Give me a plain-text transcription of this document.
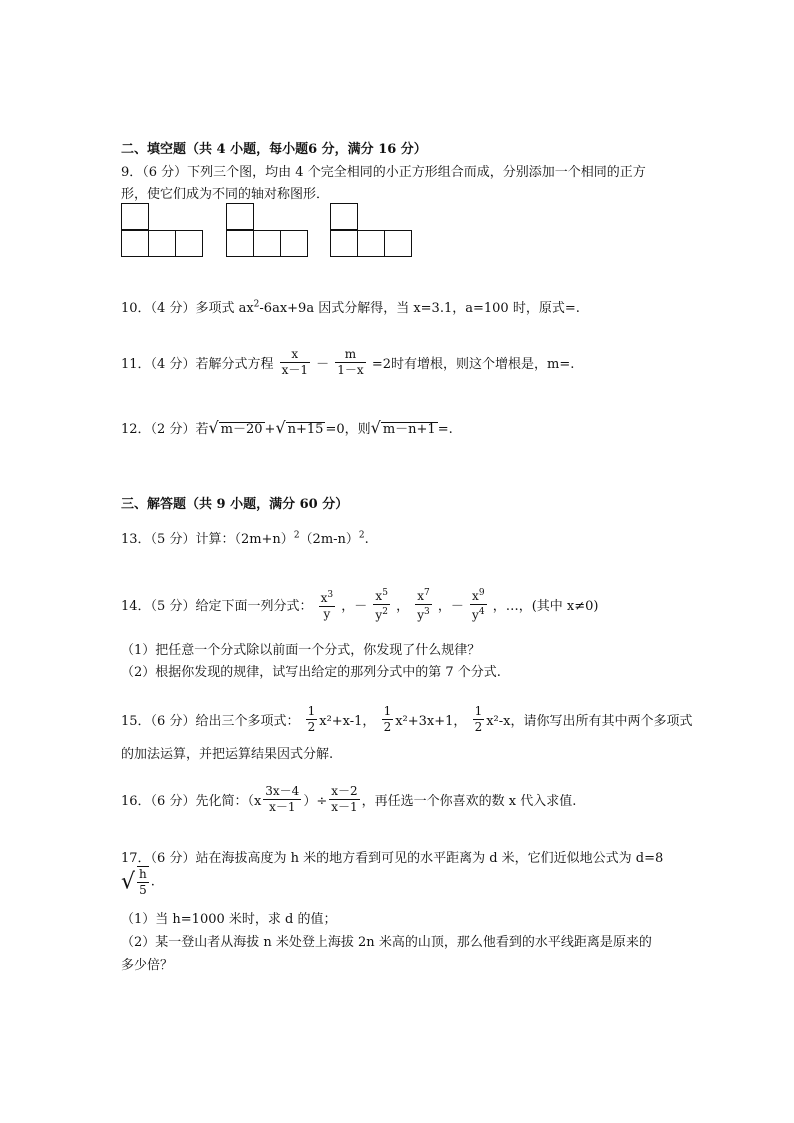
二、填空题（共 4 小题，每小题6 分，满分 16 分）
9．（6 分）下列三个图，均由 4 个完全相同的小正方形组合而成，分别添加一个相同的正方
形，使它们成为不同的轴对称图形．
10．（4 分）多项式 $ax^2-6ax+9a$ 因式分解得，当 x=3.1，a=100 时，原式=.
11．（4 分）若解分式方程 $\frac{x}{x-1} - \frac{m}{1-x} =2$时有增根，则这个增根是，m=.
12．（2 分）若√ m－20 +√ n+15 =0，则√ m－n+1 =.
三、解答题（共 9 小题，满分 60 分）
13．（5 分）计算：$(2m+n)^2(2m-n)^2$.
14．（5 分）给定下面一列分式： $\frac{x^3}{y}$ ，－ $\frac{x^5}{y^2}$ ， $\frac{x^7}{y^3}$ ，－ $\frac{x^9}{y^4}$ ，…，(其中 x≠0)
（1）把任意一个分式除以前面一个分式，你发现了什么规律？
（2）根据你发现的规律，试写出给定的那列分式中的第 7 个分式.
15．（6 分）给出三个多项式： $\frac{1}{2} x^2+x-1$， $\frac{1}{2} x^2+3x+1$， $\frac{1}{2} x^2-x$，请你写出所有其中两个多项式
的加法运算，并把运算结果因式分解.
16．（6 分）先化简：（$x \frac{3x-4}{x-1}$ ）÷ $\frac{x-2}{x-1}$ ，再任选一个你喜欢的数 x 代入求值.
17．（6 分）站在海拔高度为 h 米的地方看到可见的水平距离为 d 米，它们近似地公式为 d=8
√ $\frac{h}{5}$ .
（1）当 h=1000 米时，求 d 的值；
（2）某一登山者从海拔 n 米处登上海拔 2n 米高的山顶，那么他看到的水平线距离是原来的
多少倍？
